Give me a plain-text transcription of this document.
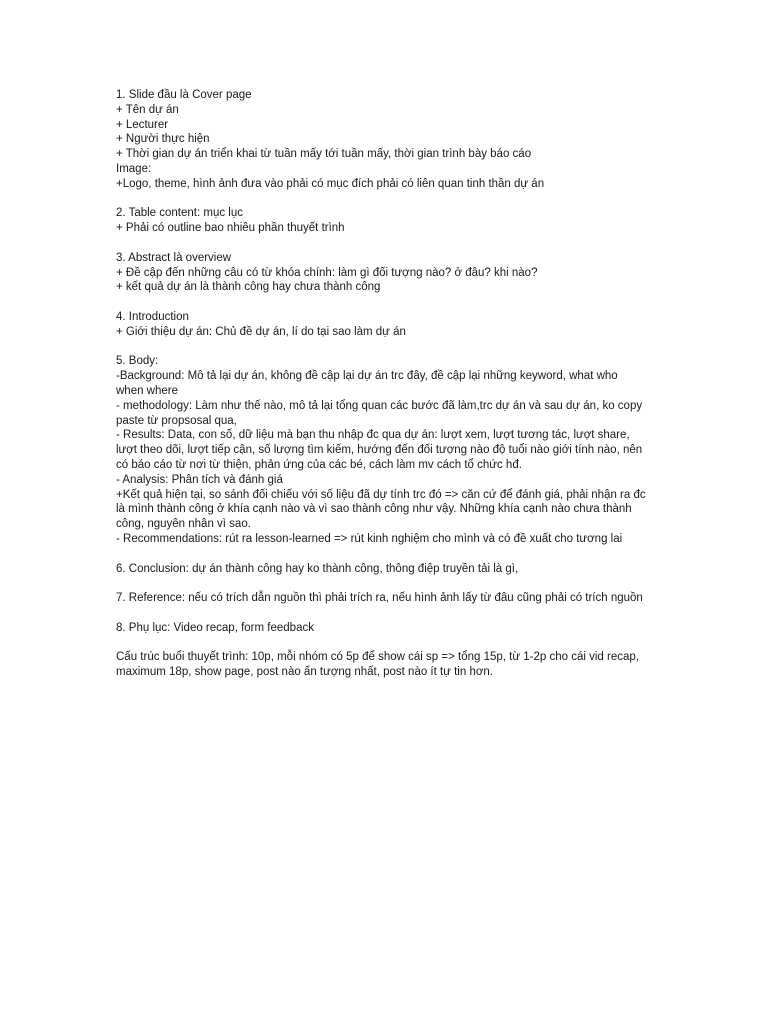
1. Slide đầu là Cover page
+ Tên dự án
+ Lecturer
+ Người thực hiện
+ Thời gian dự án triển khai từ tuần mấy tới tuần mấy, thời gian trình bày báo cáo
Image:
+Logo, theme, hình ảnh đưa vào phải có mục đích phải có liên quan tinh thần dự án
2. Table content: mục lục
+ Phải có outline bao nhiêu phần thuyết trình
3. Abstract là overview
+ Đề cập đến những câu có từ khóa chính: làm gì đối tượng nào? ở đâu? khi nào?
+ kết quả dự án là thành công hay chưa thành công
4. Introduction
+ Giới thiệu dự án: Chủ đề dự án, lí do tại sao làm dự án
5. Body:
-Background: Mô tả lại dự án, không đề cập lại dự án trc đây, đề cập lại những keyword, what who when where
- methodology: Làm như thế nào, mô tả lại tổng quan các bước đã làm,trc dự án và sau dự án, ko copy paste từ propsosal qua,
- Results: Data, con số, dữ liệu mà bạn thu nhập đc qua dự án: lượt xem, lượt tương tác, lượt share, lượt theo dõi, lượt tiếp cận, số lượng tìm kiếm, hướng đến đối tượng nào độ tuổi nào giới tính nào, nên có báo cáo từ nơi từ thiện, phản ứng của các bé, cách làm mv cách tổ chức hđ.
- Analysis: Phân tích và đánh giá
+Kết quả hiện tại, so sánh đối chiếu với số liệu đã dự tính trc đó => căn cứ để đánh giá, phải nhận ra đc là mình thành công ở khía cạnh nào và vì sao thành công như vậy. Những khía cạnh nào chưa thành công, nguyên nhân vì sao.
- Recommendations: rút ra lesson-learned => rút kinh nghiệm cho mình và có đề xuất cho tương lai
6. Conclusion: dự án thành công hay ko thành công, thông điệp truyền tải là gì,
7. Reference: nếu có trích dẫn nguồn thì phải trích ra, nếu hình ảnh lấy từ đâu cũng phải có trích nguồn
8. Phụ lục: Video recap, form feedback
Cấu trúc buổi thuyết trình: 10p, mỗi nhóm có 5p để show cái sp => tổng 15p, từ 1-2p cho cái vid recap, maximum 18p, show page, post nào ấn tượng nhất, post nào ít tự tin hơn.
